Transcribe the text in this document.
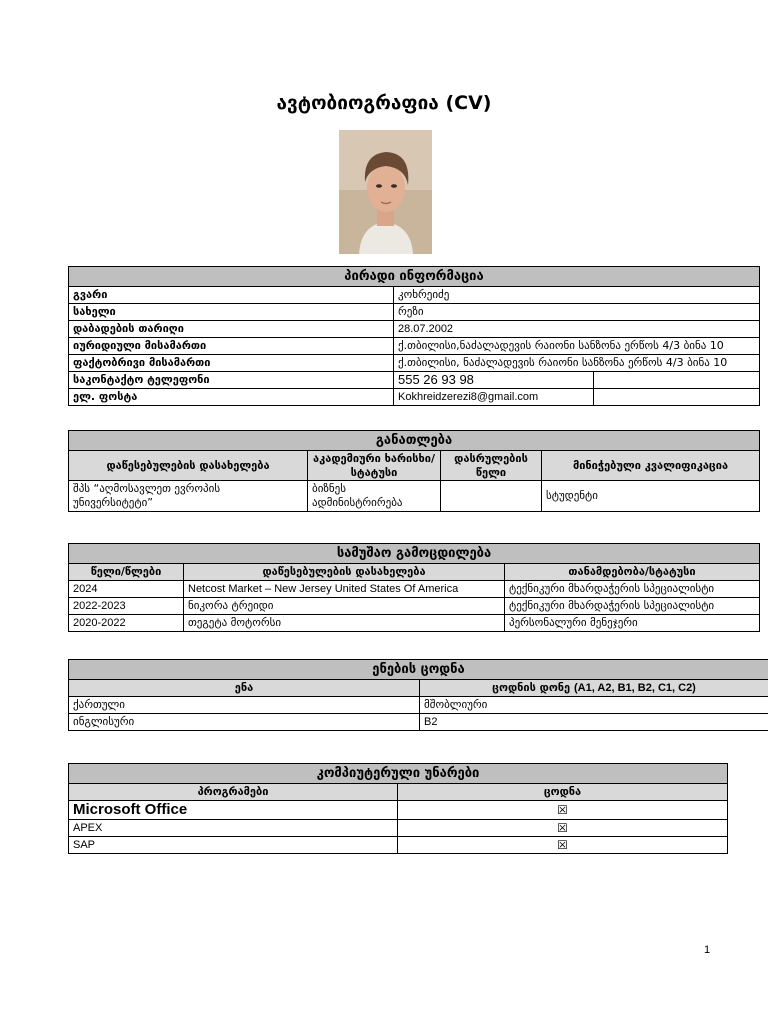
ავტობიოგრაფია (CV)
პირადი ინფორმაცია		
გვარი	კოხრეიძე	
სახელი	რეზი	
დაბადების თარიღი	28.07.2002	
იურიდიული მისამართი	ქ.თბილისი,ნაძალადევის რაიონი სანზონა ერწოს 4/3 ბინა 10	
ფაქტობრივი მისამართი	ქ.თბილისი, ნაძალადევის რაიონი სანზონა ერწოს 4/3 ბინა 10	
საკონტაქტო ტელეფონი	555 26 93 98	
ელ. ფოსტა	Kokhreidzerezi8@gmail.com	
განათლება			
დაწესებულების დასახელება	აკადემიური ხარისხი/სტატუსი	დასრულების წელი	მინიჭებული კვალიფიკაცია
შპს “აღმოსავლეთ ევროპის უნივერსიტეტი”	ბიზნეს ადმინისტრირება		სტუდენტი
სამუშაო გამოცდილება		
წელი/წლები	დაწესებულების დასახელება	თანამდებობა/სტატუსი
2024	Netcost Market – New Jersey United States Of America	ტექნიკური მხარდაჭერის სპეციალისტი
2022-2023	ნიკორა ტრეიდი	ტექნიკური მხარდაჭერის სპეციალისტი
2020-2022	თეგეტა მოტორსი	პერსონალური მენეჯერი
ენების ცოდნა	
ენა	ცოდნის დონე (A1, A2, B1, B2, C1, C2)
ქართული	მშობლიური
ინგლისური	B2
კომპიუტერული უნარები	
პროგრამები	ცოდნა
Microsoft Office	☒
APEX	☒
SAP	☒
1
